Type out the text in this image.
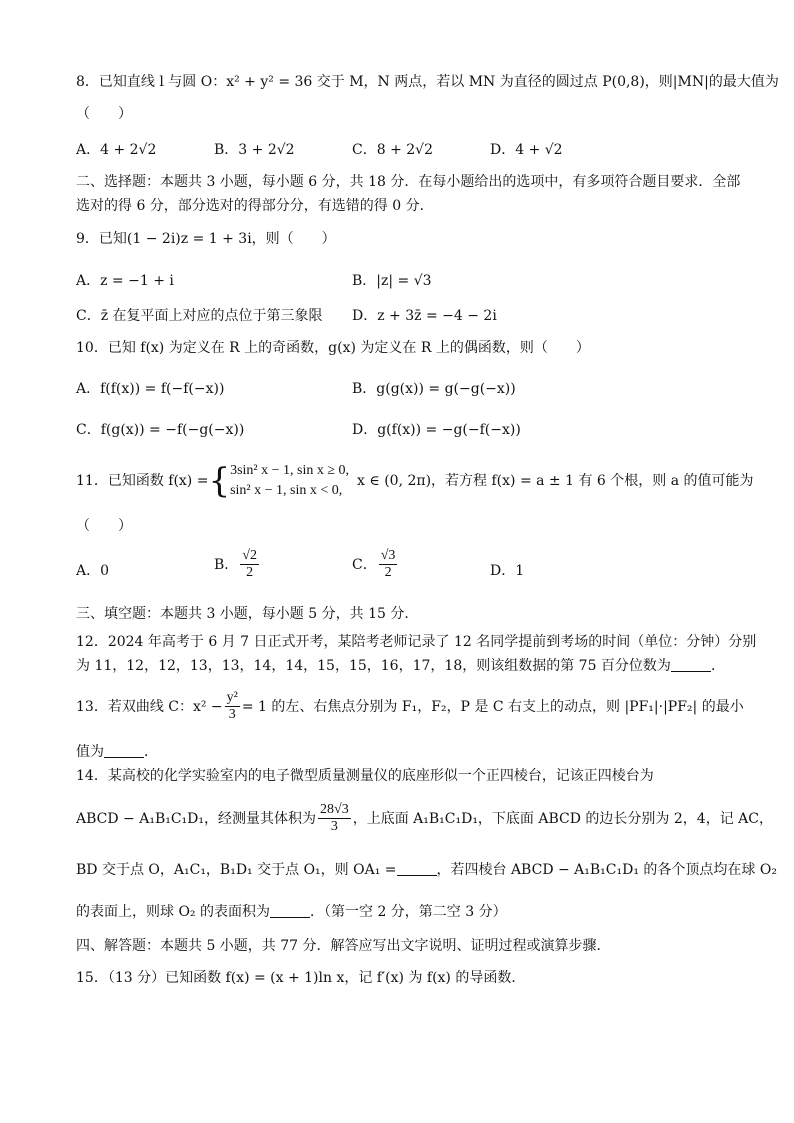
8．已知直线 l 与圆 O：x² + y² = 36 交于 M，N 两点，若以 MN 为直径的圆过点 P(0,8)，则|MN|的最大值为
（　　）
A．4 + 2√2	B．3 + 2√2	C．8 + 2√2	D．4 + √2
二、选择题：本题共 3 小题，每小题 6 分，共 18 分．在每小题给出的选项中，有多项符合题目要求．全部
选对的得 6 分，部分选对的得部分分，有选错的得 0 分．
9．已知(1 − 2i)z = 1 + 3i，则（　　）
A．z = −1 + i	B．|z| = √3
C．z̄ 在复平面上对应的点位于第三象限 D．z + 3z̄ = −4 − 2i
10．已知 f(x) 为定义在 R 上的奇函数，g(x) 为定义在 R 上的偶函数，则（　　）
A．f(f(x)) = f(−f(−x))	B．g(g(x)) = g(−g(−x))
C．f(g(x)) = −f(−g(−x))	D．g(f(x)) = −g(−f(−x))
11．已知函数 f(x) = { 3sin² x − 1, sin x ≥ 0,
sin² x − 1, sin x < 0,
x ∈ (0, 2π)，若方程 f(x) = a ± 1 有 6 个根，则 a 的值可能为
（　　）
A．0	B． $\frac{√2}{2}$	C． $\frac{√3}{2}$	D．1
三、填空题：本题共 3 小题，每小题 5 分，共 15 分．
12．2024 年高考于 6 月 7 日正式开考，某陪考老师记录了 12 名同学提前到考场的时间（单位：分钟）分别
为 11，12，12，13，13，14，14，15，15，16，17，18，则该组数据的第 75 百分位数为	．
13．若双曲线 C：$x^2 - \frac{\text{y²}}{3} = 1$ 的左、右焦点分别为 F₁，F₂，P 是 C 右支上的动点，则 |PF₁|·|PF₂| 的最小
值为	．
14．某高校的化学实验室内的电子微型质量测量仪的底座形似一个正四棱台，记该正四棱台为
ABCD − A₁B₁C₁D₁，经测量其体积为 $\frac{28√3}{3}$ ，上底面 A₁B₁C₁D₁，下底面 ABCD 的边长分别为 2，4，记 AC，
BD 交于点 O，A₁C₁，B₁D₁ 交于点 O₁，则 OA₁ =	，若四棱台 ABCD − A₁B₁C₁D₁ 的各个顶点均在球 O₂
的表面上，则球 O₂ 的表面积为	．（第一空 2 分，第二空 3 分）
四、解答题：本题共 5 小题，共 77 分．解答应写出文字说明、证明过程或演算步骤．
15．（13 分）已知函数 f(x) = (x + 1)ln x，记 f′(x) 为 f(x) 的导函数．
